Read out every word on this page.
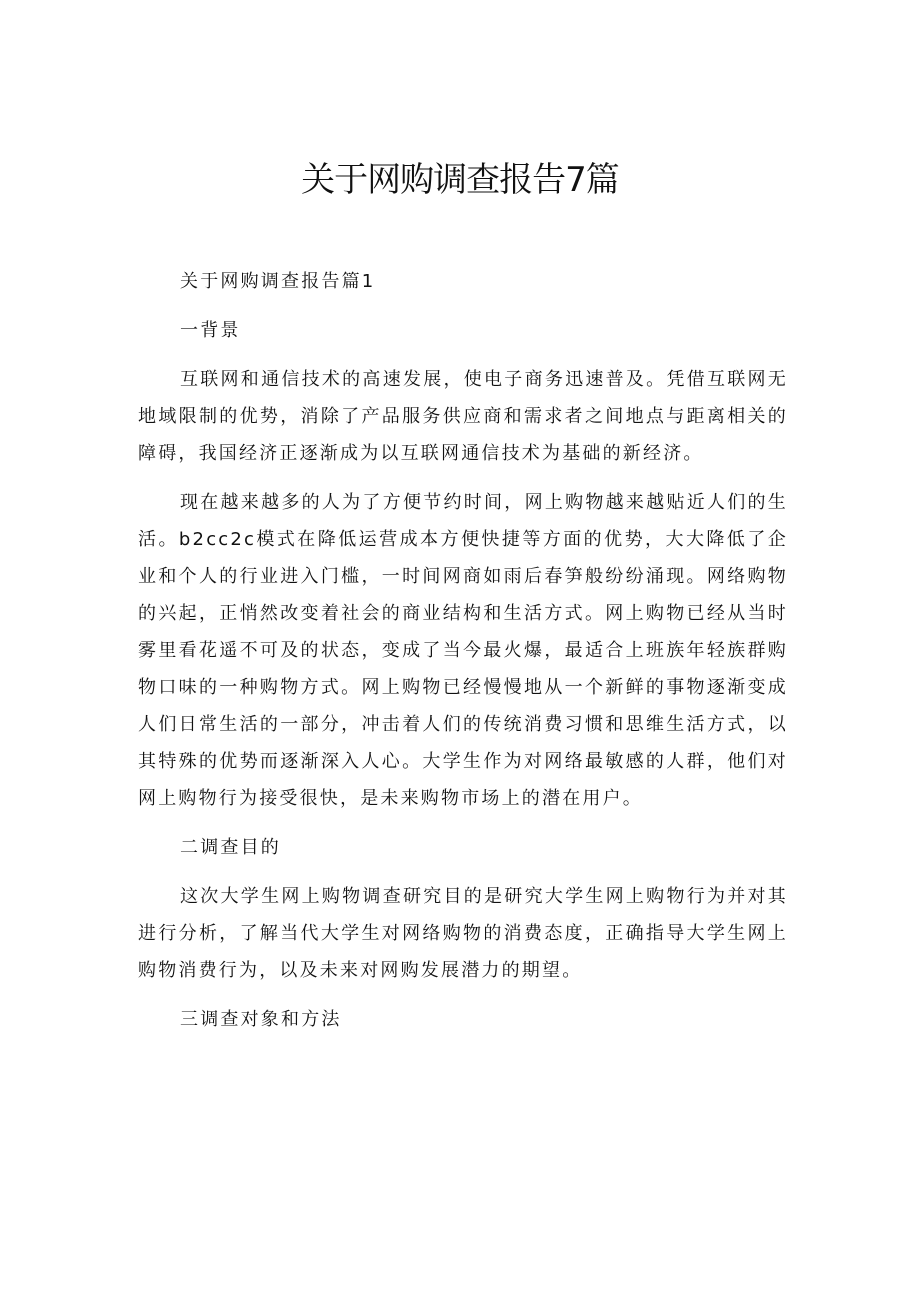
关于网购调查报告7篇

关于网购调查报告篇1

一背景

互联网和通信技术的高速发展，使电子商务迅速普及。凭借互联网无地域限制的优势，消除了产品服务供应商和需求者之间地点与距离相关的障碍，我国经济正逐渐成为以互联网通信技术为基础的新经济。

现在越来越多的人为了方便节约时间，网上购物越来越贴近人们的生活。b2cc2c模式在降低运营成本方便快捷等方面的优势，大大降低了企业和个人的行业进入门槛，一时间网商如雨后春笋般纷纷涌现。网络购物的兴起，正悄然改变着社会的商业结构和生活方式。网上购物已经从当时雾里看花遥不可及的状态，变成了当今最火爆，最适合上班族年轻族群购物口味的一种购物方式。网上购物已经慢慢地从一个新鲜的事物逐渐变成人们日常生活的一部分，冲击着人们的传统消费习惯和思维生活方式，以其特殊的优势而逐渐深入人心。大学生作为对网络最敏感的人群，他们对网上购物行为接受很快，是未来购物市场上的潜在用户。

二调查目的

这次大学生网上购物调查研究目的是研究大学生网上购物行为并对其进行分析，了解当代大学生对网络购物的消费态度，正确指导大学生网上购物消费行为，以及未来对网购发展潜力的期望。

三调查对象和方法
